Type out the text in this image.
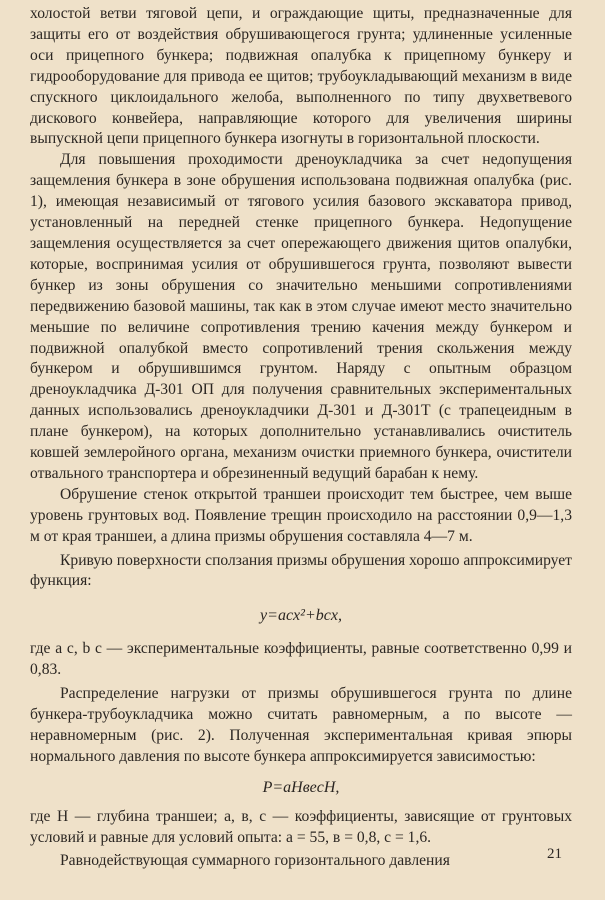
холостой ветви тяговой цепи, и ограждающие щиты, предназначенные для защиты его от воздействия обрушивающегося грунта; удлиненные усиленные оси прицепного бункера; подвижная опалубка к прицепному бункеру и гидрооборудование для привода ее щитов; трубоукладывающий механизм в виде спускного циклоидального желоба, выполненного по типу двухветвевого дискового конвейера, направляющие которого для увеличения ширины выпускной цепи прицепного бункера изогнуты в горизонтальной плоскости.

Для повышения проходимости дреноукладчика за счет недопущения защемления бункера в зоне обрушения использована подвижная опалубка (рис. 1), имеющая независимый от тягового усилия базового экскаватора привод, установленный на передней стенке прицепного бункера. Недопущение защемления осуществляется за счет опережающего движения щитов опалубки, которые, воспринимая усилия от обрушившегося грунта, позволяют вывести бункер из зоны обрушения со значительно меньшими сопротивлениями передвижению базовой машины, так как в этом случае имеют место значительно меньшие по величине сопротивления трению качения между бункером и подвижной опалубкой вместо сопротивлений трения скольжения между бункером и обрушившимся грунтом. Наряду с опытным образцом дреноукладчика Д-301 ОП для получения сравнительных экспериментальных данных использовались дреноукладчики Д-301 и Д-301Т (с трапецеидным в плане бункером), на которых дополнительно устанавливались очиститель ковшей землеройного органа, механизм очистки приемного бункера, очистители отвального транспортера и обрезиненный ведущий барабан к нему.

Обрушение стенок открытой траншеи происходит тем быстрее, чем выше уровень грунтовых вод. Появление трещин происходило на расстоянии 0,9—1,3 м от края траншеи, а длина призмы обрушения составляла 4—7 м.

Кривую поверхности сползания призмы обрушения хорошо аппроксимирует функция:

y=acx²+bcx,

где a c, b c — экспериментальные коэффициенты, равные соответственно 0,99 и 0,83.

Распределение нагрузки от призмы обрушившегося грунта по длине бункера-трубоукладчика можно считать равномерным, а по высоте — неравномерным (рис. 2). Полученная экспериментальная кривая эпюры нормального давления по высоте бункера аппроксимируется зависимостью:

P=aHвecH,

где H — глубина траншеи; a, в, c — коэффициенты, зависящие от грунтовых условий и равные для условий опыта: a = 55, в = 0,8, c = 1,6.

Равнодействующая суммарного горизонтального давления	21
